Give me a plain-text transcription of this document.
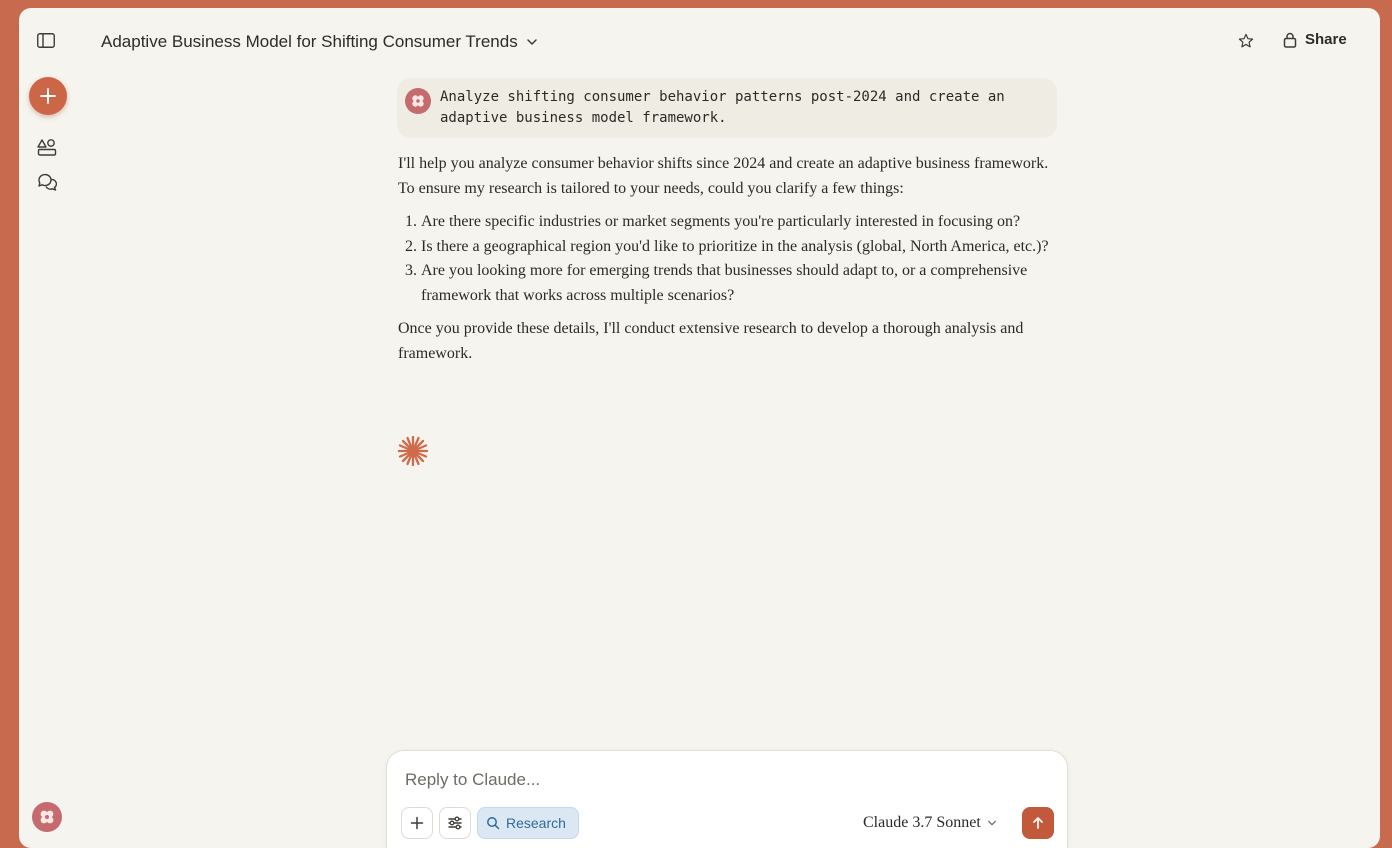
Adaptive Business Model for Shifting Consumer Trends	Share
Analyze shifting consumer behavior patterns post-2024 and create an adaptive business model framework.

I'll help you analyze consumer behavior shifts since 2024 and create an adaptive business framework. To ensure my research is tailored to your needs, could you clarify a few things:

1. Are there specific industries or market segments you're particularly interested in focusing on?
2. Is there a geographical region you'd like to prioritize in the analysis (global, North America, etc.)?
3. Are you looking more for emerging trends that businesses should adapt to, or a comprehensive framework that works across multiple scenarios?

Once you provide these details, I'll conduct extensive research to develop a thorough analysis and framework.

Reply to Claude...
Research	Claude 3.7 Sonnet
